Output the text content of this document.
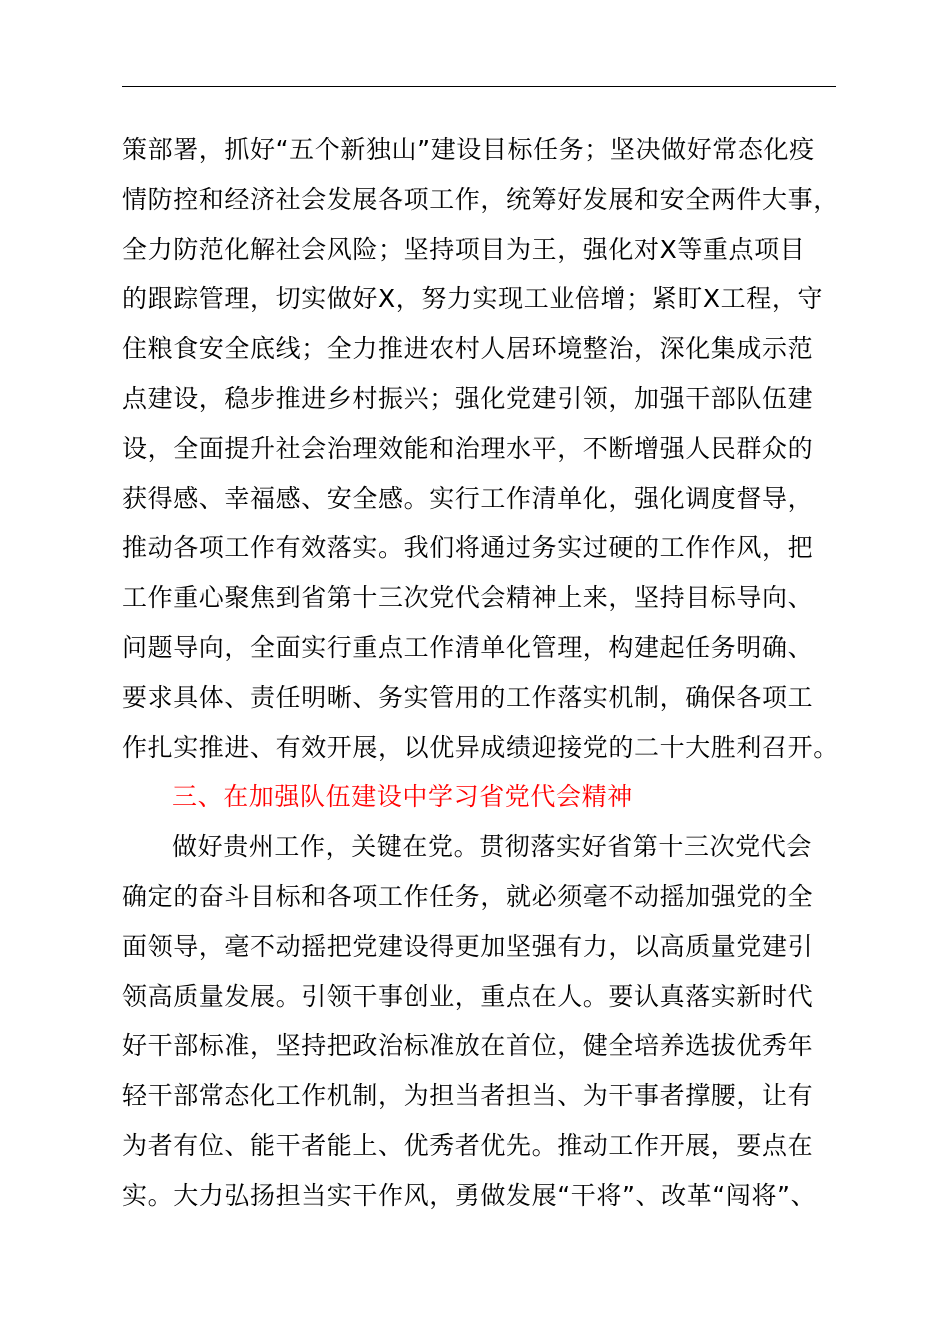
策部署，抓好“五个新独山”建设目标任务；坚决做好常态化疫
情防控和经济社会发展各项工作，统筹好发展和安全两件大事，
全力防范化解社会风险；坚持项目为王，强化对X等重点项目
的跟踪管理，切实做好X，努力实现工业倍增；紧盯X工程，守
住粮食安全底线；全力推进农村人居环境整治，深化集成示范
点建设，稳步推进乡村振兴；强化党建引领，加强干部队伍建
设，全面提升社会治理效能和治理水平，不断增强人民群众的
获得感、幸福感、安全感。实行工作清单化，强化调度督导，
推动各项工作有效落实。我们将通过务实过硬的工作作风，把
工作重心聚焦到省第十三次党代会精神上来，坚持目标导向、
问题导向，全面实行重点工作清单化管理，构建起任务明确、
要求具体、责任明晰、务实管用的工作落实机制，确保各项工
作扎实推进、有效开展，以优异成绩迎接党的二十大胜利召开。
三、在加强队伍建设中学习省党代会精神
做好贵州工作，关键在党。贯彻落实好省第十三次党代会
确定的奋斗目标和各项工作任务，就必须毫不动摇加强党的全
面领导，毫不动摇把党建设得更加坚强有力，以高质量党建引
领高质量发展。引领干事创业，重点在人。要认真落实新时代
好干部标准，坚持把政治标准放在首位，健全培养选拔优秀年
轻干部常态化工作机制，为担当者担当、为干事者撑腰，让有
为者有位、能干者能上、优秀者优先。推动工作开展，要点在
实。大力弘扬担当实干作风，勇做发展“干将”、改革“闯将”、
